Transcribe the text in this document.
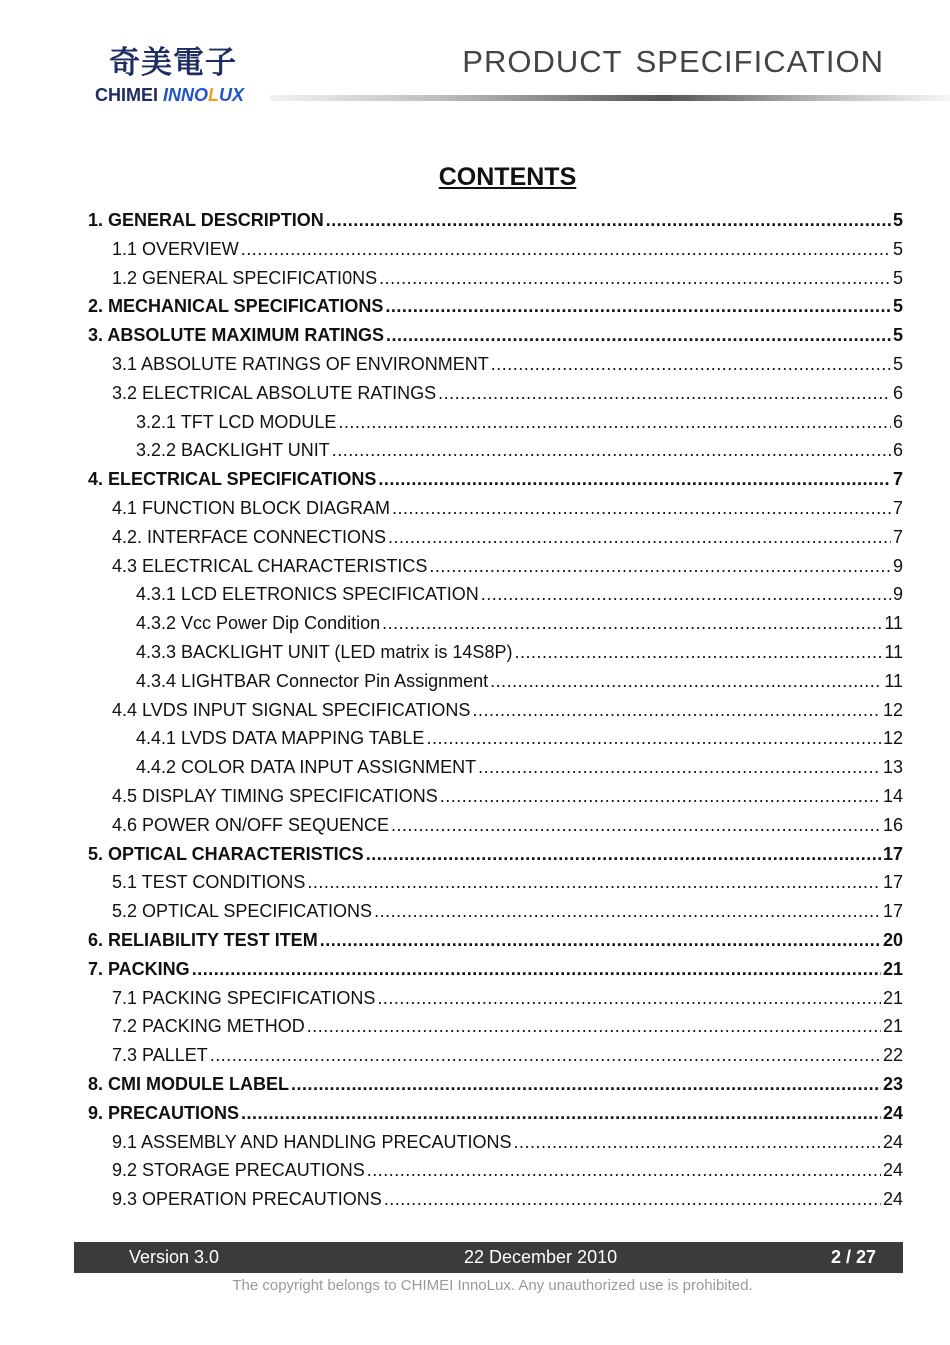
奇美電子
CHIMEI INNOLUX
PRODUCT SPECIFICATION
CONTENTS
1. GENERAL DESCRIPTION .....	5
1.1 OVERVIEW .....	5
1.2 GENERAL SPECIFICATI0NS .....	5
2. MECHANICAL SPECIFICATIONS .....	5
3. ABSOLUTE MAXIMUM RATINGS .....	5
3.1 ABSOLUTE RATINGS OF ENVIRONMENT .....	5
3.2 ELECTRICAL ABSOLUTE RATINGS .....	6
3.2.1 TFT LCD MODULE .....	6
3.2.2 BACKLIGHT UNIT .....	6
4. ELECTRICAL SPECIFICATIONS .....	7
4.1 FUNCTION BLOCK DIAGRAM .....	7
4.2. INTERFACE CONNECTIONS .....	7
4.3 ELECTRICAL CHARACTERISTICS .....	9
4.3.1 LCD ELETRONICS SPECIFICATION .....	9
4.3.2 Vcc Power Dip Condition .....	11
4.3.3 BACKLIGHT UNIT (LED matrix is 14S8P) .....	11
4.3.4 LIGHTBAR Connector Pin Assignment .....	11
4.4 LVDS INPUT SIGNAL SPECIFICATIONS .....	12
4.4.1 LVDS DATA MAPPING TABLE .....	12
4.4.2 COLOR DATA INPUT ASSIGNMENT .....	13
4.5 DISPLAY TIMING SPECIFICATIONS .....	14
4.6 POWER ON/OFF SEQUENCE .....	16
5. OPTICAL CHARACTERISTICS .....	17
5.1 TEST CONDITIONS .....	17
5.2 OPTICAL SPECIFICATIONS .....	17
6. RELIABILITY TEST ITEM .....	20
7. PACKING .....	21
7.1 PACKING SPECIFICATIONS .....	21
7.2 PACKING METHOD .....	21
7.3 PALLET .....	22
8. CMI MODULE LABEL .....	23
9. PRECAUTIONS .....	24
9.1 ASSEMBLY AND HANDLING PRECAUTIONS .....	24
9.2 STORAGE PRECAUTIONS .....	24
9.3 OPERATION PRECAUTIONS .....	24
Version 3.0	22 December 2010	2 / 27
The copyright belongs to CHIMEI InnoLux. Any unauthorized use is prohibited.
